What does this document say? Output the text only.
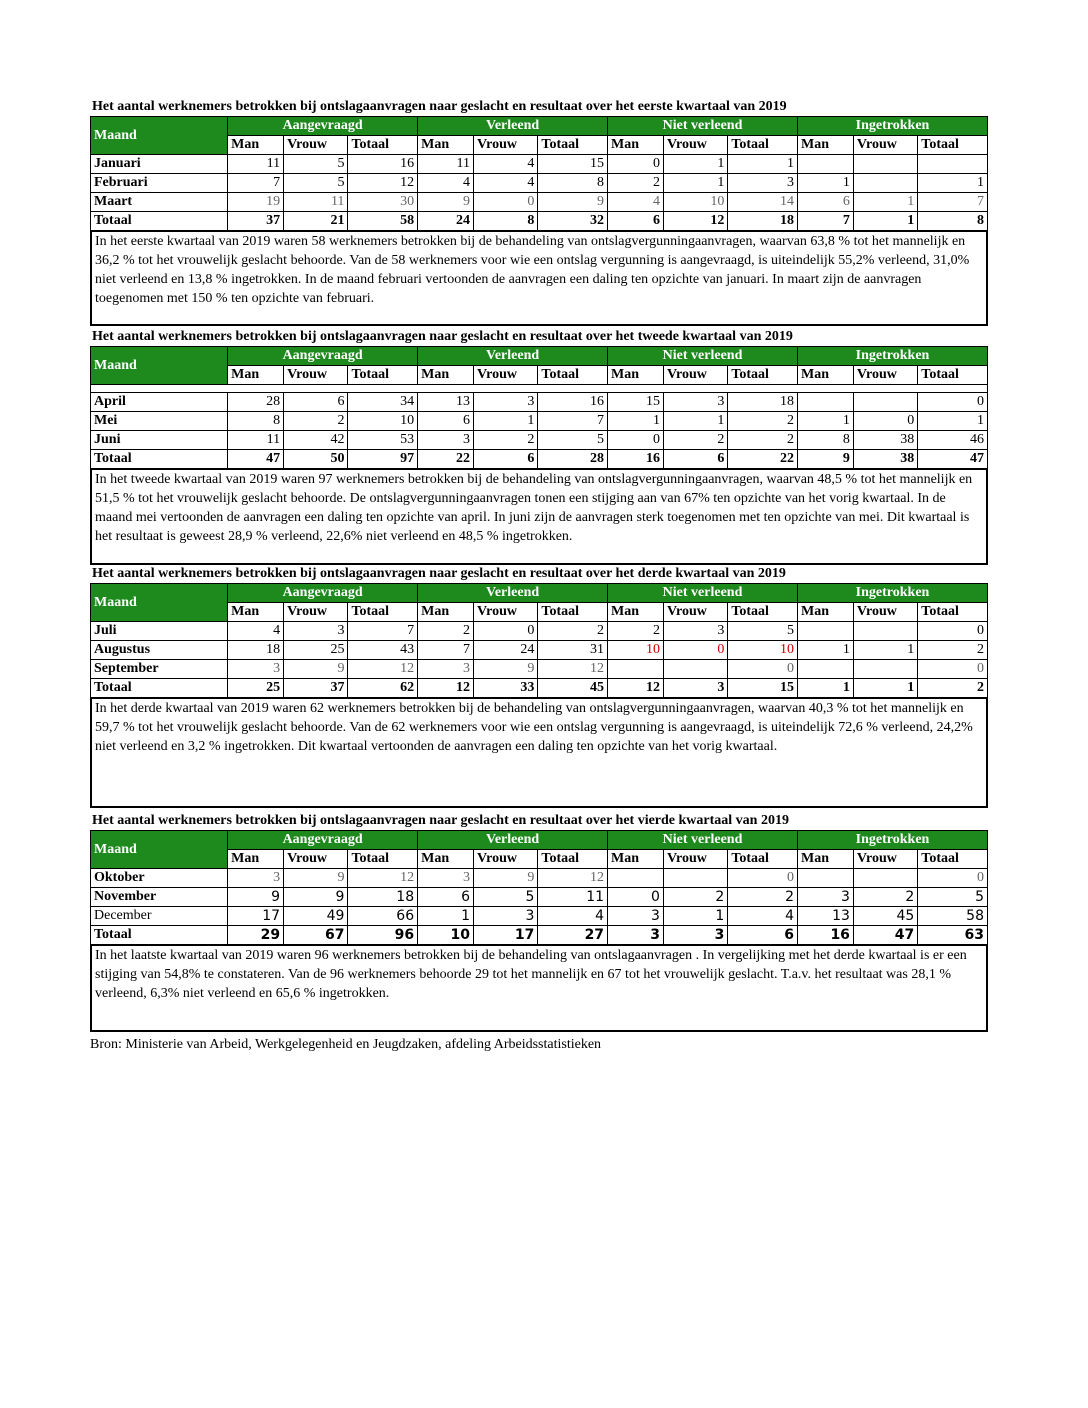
Het aantal werknemers betrokken bij ontslagaanvragen naar geslacht en resultaat over het eerste kwartaal van 2019
Maand	Aangevraagd			Verleend			Niet verleend			Ingetrokken		
	Man	Vrouw	Totaal	Man	Vrouw	Totaal	Man	Vrouw	Totaal	Man	Vrouw	Totaal
Januari	11	5	16	11	4	15	0	1	1			
Februari	7	5	12	4	4	8	2	1	3	1		1
Maart	19	11	30	9	0	9	4	10	14	6	1	7
Totaal	37	21	58	24	8	32	6	12	18	7	1	8
In het eerste kwartaal van 2019 waren 58 werknemers betrokken bij de behandeling van ontslagvergunningaanvragen, waarvan 63,8 % tot het mannelijk en 36,2 % tot het vrouwelijk geslacht behoorde. Van de 58 werknemers voor wie een ontslag vergunning is aangevraagd, is uiteindelijk 55,2% verleend, 31,0% niet verleend en 13,8 % ingetrokken. In de maand februari vertoonden de aanvragen een daling ten opzichte van januari. In maart zijn de aanvragen toegenomen met 150 % ten opzichte van februari.
Het aantal werknemers betrokken bij ontslagaanvragen naar geslacht en resultaat over het tweede kwartaal van 2019
Maand	Aangevraagd			Verleend			Niet verleend			Ingetrokken		
	Man	Vrouw	Totaal	Man	Vrouw	Totaal	Man	Vrouw	Totaal	Man	Vrouw	Totaal

April	28	6	34	13	3	16	15	3	18			0
Mei	8	2	10	6	1	7	1	1	2	1	0	1
Juni	11	42	53	3	2	5	0	2	2	8	38	46
Totaal	47	50	97	22	6	28	16	6	22	9	38	47
In het tweede kwartaal van 2019 waren 97 werknemers betrokken bij de behandeling van ontslagvergunningaanvragen, waarvan 48,5 % tot het mannelijk en 51,5 % tot het vrouwelijk geslacht behoorde. De ontslagvergunningaanvragen tonen een stijging aan van 67% ten opzichte van het vorig kwartaal. In de maand mei vertoonden de aanvragen een daling ten opzichte van april. In juni zijn de aanvragen sterk toegenomen met ten opzichte van mei. Dit kwartaal is het resultaat is geweest 28,9 % verleend, 22,6% niet verleend en 48,5 % ingetrokken.
Het aantal werknemers betrokken bij ontslagaanvragen naar geslacht en resultaat over het derde kwartaal van 2019
Maand	Aangevraagd			Verleend			Niet verleend			Ingetrokken		
	Man	Vrouw	Totaal	Man	Vrouw	Totaal	Man	Vrouw	Totaal	Man	Vrouw	Totaal
Juli	4	3	7	2	0	2	2	3	5			0
Augustus	18	25	43	7	24	31	10	0	10	1	1	2
September	3	9	12	3	9	12			0			0
Totaal	25	37	62	12	33	45	12	3	15	1	1	2
In het derde kwartaal van 2019 waren 62 werknemers betrokken bij de behandeling van ontslagvergunningaanvragen, waarvan 40,3 % tot het mannelijk en 59,7 % tot het vrouwelijk geslacht behoorde. Van de 62 werknemers voor wie een ontslag vergunning is aangevraagd, is uiteindelijk 72,6 % verleend, 24,2% niet verleend en 3,2 % ingetrokken. Dit kwartaal vertoonden de aanvragen een daling ten opzichte van het vorig kwartaal.
Het aantal werknemers betrokken bij ontslagaanvragen naar geslacht en resultaat over het vierde kwartaal van 2019
Maand	Aangevraagd			Verleend			Niet verleend			Ingetrokken		
	Man	Vrouw	Totaal	Man	Vrouw	Totaal	Man	Vrouw	Totaal	Man	Vrouw	Totaal
Oktober	3	9	12	3	9	12			0			0
November	9	9	18	6	5	11	0	2	2	3	2	5
December	17	49	66	1	3	4	3	1	4	13	45	58
Totaal	29	67	96	10	17	27	3	3	6	16	47	63
In het laatste kwartaal van 2019 waren 96 werknemers betrokken bij de behandeling van ontslagaanvragen . In vergelijking met het derde kwartaal is er een stijging van 54,8% te constateren. Van de 96 werknemers behoorde 29 tot het mannelijk en 67 tot het vrouwelijk geslacht. T.a.v. het resultaat was 28,1 % verleend, 6,3% niet verleend en 65,6 % ingetrokken.
Bron: Ministerie van Arbeid, Werkgelegenheid en Jeugdzaken, afdeling Arbeidsstatistieken
